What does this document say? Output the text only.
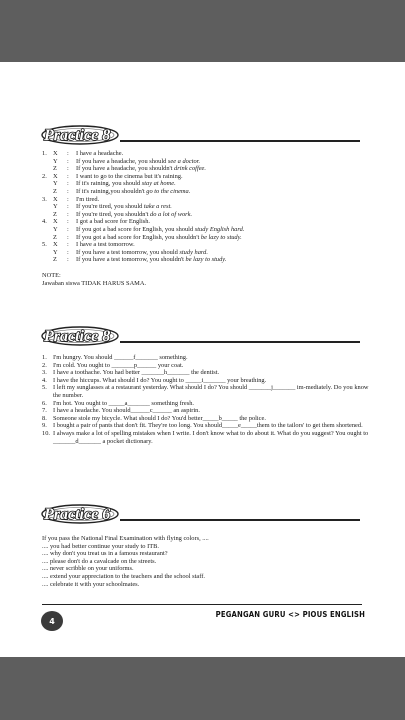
Practice 8
1. X	:	I have a headache.
Y	:	If you have a headache, you should see a doctor.
Z	:	If you have a headache, you shouldn't drink coffee.
2. X	:	I want to go to the cinema but it's raining.
Y	:	If it's raining, you should stay at home.
Z	:	If it's raining,you shouldn't go to the cinema.
3. X	:	I'm tired.
Y	:	If you're tired, you should take a rest.
Z	:	If you're tired, you shouldn't do a lot of work.
4. X	:	I got a bad score for English.
Y	:	If you got a bad score for English, you should study English hard.
Z	:	If you got a bad score for English, you shouldn't be lazy to study.
5. X	:	I have a test tomorrow.
Y	:	If you have a test tomorrow, you should study hard.
Z	:	If you have a test tomorrow, you shouldn't be lazy to study.
NOTE:
Jawaban siswa TIDAK HARUS SAMA.
Practice 8
1. I'm hungry. You should ______f_______ something.
2. I'm cold. You ought to _______p______ your coat.
3. I have a toothache. You had better _______h_______ the dentist.
4. I have the hiccups. What should I do? You ought to _____i_______ your breathing.
5. I left my sunglasses at a restaurant yesterday. What should I do? You should _______j_______ im-mediately. Do you know the number.
6. I'm hot. You ought to _____a_______ something fresh.
7. I have a headache. You should______c______ an aspirin.
8. Someone stole my bicycle. What should I do? You'd better_____b_____ the police.
9. I bought a pair of pants that don't fit. They're too long. You should_____e_____them to the tailors' to get them shortened.
10. I always make a lot of spelling mistakes when I write. I don't know what to do about it. What do you suggest? You ought to _______d_______ a pocket dictionary.
Practice 6
If you pass the National Final Examination with flying colors, ....
.... you had better continue your study to ITB.
.... why don't you treat us in a famous restaurant?
.... please don't do a cavalcade on the streets.
.... never scribble on your uniforms.
.... extend your appreciation to the teachers and the school staff.
.... celebrate it with your schoolmates.
4
PEGANGAN GURU <> PIOUS ENGLISH
